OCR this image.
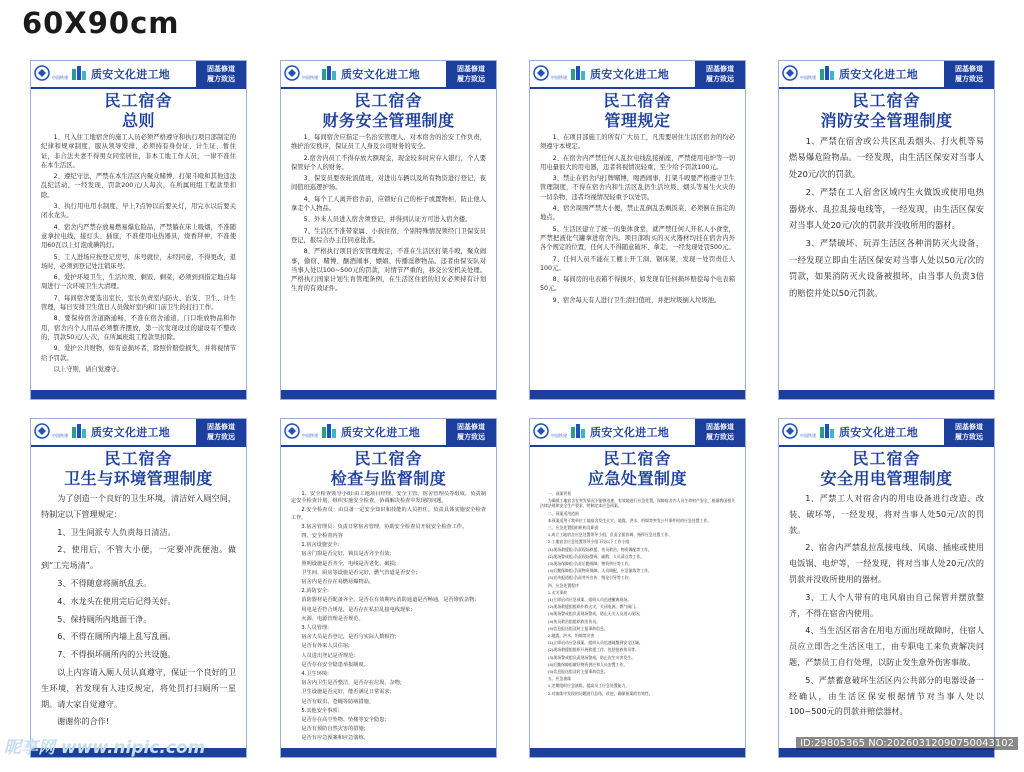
60X90cm
中国铁建 质安文化进工地	固基修道
履方致远
民工宿舍
总则

1、凡入住工地宿舍的施工人员必须严格遵守和执行项目部制定的纪律和规章制度，服从领导安排，必须持有身份证、计生证、暂住证，非合法夫妻不得男女同室居住，非本工地工作人员，一律不准住在本生活区。

2、遵纪守法，严禁在本生活区内聚众赌博、打架斗殴和其他违法乱纪活动，一经发现，罚款200元/人每次，在所属班组工程款里扣除。

3、执行用电用水制度，早上7点钟以后要关灯，用完水以后要关闭水龙头。

4、宿舍内严禁存放易燃易爆危险品，严禁躺在床上吸烟，不准随意拿拉电线，接灯头、插座，不准使用电热器具，烧香拜神，不准使用60瓦以上灯泡或碘钨灯。

5、工人进场应按登记房号，床号就位，未经同意，不得更改，退场时，必须到登记处注销床号。

6、爱护环境卫生，生活垃圾、剩饭、剩菜，必须到到指定地点每周进行一次环境卫生大清理。

7、每间宿舍要选出室长，室长负责室内防火、治安、卫生、计生管理，每日安排卫生值日人员做好室内和门前卫生的打扫工作。

8、要保持宿舍道路通畅，不准在宿舍通道，门口堆放物品和作用，宿舍内个人用品必须整齐摆放，第一次发现设过的建设有不整改的，罚款50元/人·次，在所属班组工程款里扣除。

9、爱护公共财物，如有意损坏者，除照价赔偿损失，并将视情节给予罚款。

以上守则，请自觉遵守。

中国铁建 质安文化进工地	固基修道
履方致远
民工宿舍
财务安全管理制度

1、每间宿舍应指定一名治安管理人，对本宿舍的治安工作负责，维护治安秩序，保证员工人身及公司财务的安全。

2.宿舍内员工不得存放大额现金，现金较多时应存入银行，个人要保管好个人的财务。

3、保安员要夜轮流值班，对进出车辆以及所有物资进行登记，夜间值班巡逻护场。

4、每个工人离开宿舍前，应锁好自己的柜子或置物柜，防止他人拿走个人物品。

5、外来人员进入宿舍须登记，并得到认证方可进入宿舍楼。

7、生活区不准带家属、小孩住宿，个别特殊情况须经门卫保安员登记，报综合办主任同意批准。

8、严格执行项目治安管理规定，不准在生活区打架斗殴，聚众闹事，偷窃、赌博、酗酒闹事、嫖娼、传播淫秽物品。违者由保安队对当事人处以100~500元的罚款，对情节严重的，移交公安机关处理。严格执行国家计划生育管理条例，在生活区住宿的妇女必须持有计划生育的有效证件。

中国铁建 质安文化进工地	固基修道
履方致远
民工宿舍
管理规定

1、在项目部施工的所有广大员工，凡需要居住生活区宿舍的均必须遵守本规定。

2、在宿舍内严禁任何人乱拉电线乱接插座，严禁使用电炉等一切用电量很大的用电器，违者将视情况轻重，至少给予罚款100元。

3、禁止在宿舍内打牌赌博，喝酒闹事，打架斗殴要严格遵守卫生管理制度，不得在宿舍内和生活区乱扔生活垃圾、烟头等易生火灾的一切杂物，违者均视情况轻重予以处罚。

4、宿舍周围严禁大小便，禁止乱倒乱丢剩饭菜，必须倒在指定的地点。

5、生活区建立了统一的集体食堂，就严禁任何人开私人小食堂，严禁把液化气罐拿进宿舍内。项目部购买的灭火器材均挂在宿舍内外各个规定的位置，任何人不得随意破坏、拿走，一经发现处罚500元。

7、任何人员不能在工棚上开工洞、锯床架，发现一处罚责任人100元。

8、每间房的电表箱不得损坏，如发现有任何损坏赔偿每个电表箱50元。

9、宿舍每天有人进行卫生清扫值班，并把垃圾倒入垃圾池。

中国铁建 质安文化进工地	固基修道
履方致远
民工宿舍
消防安全管理制度

1、严禁在宿舍或公共区乱丢烟头、打火机等易燃易爆危险物品。一经发现，由生活区保安对当事人处20元/次的罚款。

2、严禁在工人宿舍区域内生火做饭或使用电热器烧水、乱拉乱接电线等，一经发现，由生活区保安对当事人处20元/次的罚款并没收所用的器材。

3、严禁破坏、玩弄生活区各种消防灭火设备，一经发现立即由生活区保安对当事人处以50元/次的罚款，如果消防灭火设备被损坏，由当事人负责3倍的赔偿并处以50元罚款。

中国铁建 质安文化进工地	固基修道
履方致远
民工宿舍
卫生与环境管理制度

为了创造一个良好的卫生环境，清洁好入厕空间，特制定以下管理规定：

1、卫生间派专人负责每日清洁。

2、使用后，不管大小便，一定要冲洗便池。做到“工完场清”。

3、不得随意将厕纸乱丢。

4、水龙头在使用完后记得关好。

5、保持厕所内地面干净。

6、不得在厕所内墙上乱写乱画。

7、不得损坏厕所内的公共设施。

以上内容请入厕人员认真遵守，保证一个良好的卫生环境，若发现有人违反规定，将处罚打扫厕所一星期。请大家自觉遵守。

谢谢你的合作!

中国铁建 质安文化进工地	固基修道
履方致远
民工宿舍
检查与监督制度

1、安全检查领导小组:由工地项目经理、安全主管、宿舍管理员等组成，负责制定安全检查计划，组织实施安全检查，协调解决检查中发现的问题。

2.安全检查员：由具备一定安全知识和技能的人员担任，负责具体实施安全检查工作。

3.宿舍管理员：负责日常宿舍管理，协助安全检查员开展安全检查工作。

四、安全检查内容

1.宿舍设施安全:

宿舍门窗是否完好，锁具是否齐全有效;

照明设施是否齐全，电线是否老化、破损;

卫生间、厨房等设施是否完好，燃气管道是否安全;

宿舍内是否存在易燃易爆物品。

2.消防安全:

消防器材是否配备齐全，是否在有效期内;消防通道是否畅通，是否堆放杂物;

用电是否符合规范，是否存在私拉乱接电线现象;

火源、电源管理是否规范。

3.人员管理:

宿舍人员是否登记，是否与实际人数相符;

是否有外来人员住宿;

人员进出登记是否规范;

是否存在安全隐患举报制度。

4.卫生环境:

宿舍内卫生是否整洁，是否存在垃圾、杂物;

卫生设施是否完好，能否满足日常需求;

是否有蚊虫、苍蝇等防病措施。

5.其他安全事项:

是否存在高空坠物、坠楼等安全隐患;

是否有预防自然灾害的措施;

是否有应急预案和应急演练。

中国铁建 质安文化进工地	固基修道
履方致远
民工宿舍
应急处置制度

一、预案背景

为确保工地宿舍在突发情况下能够迅速、有效地进行应急处置，保障宿舍内人员生命财产安全，根据我国相关法律法规和安全生产要求，特制定本应急预案。

二、预案适用范围

本预案适用于我单位工地宿舍发生火灾、地震、洪水、坍塌等突发公共事件时的应急处置工作。

三、应急处置组织机构及职责

1.成立工地宿舍应急处置领导小组，负责全面协调、指挥应急处置工作。

2.工地宿舍应急处置领导小组下设以下工作小组：

(1)现场救援组:负责现场救援、伤员救治、物资调配等工作。

(2)现场警戒组:负责现场警戒、疏散、人员清点等工作。

(3)现场保障组:负责后勤保障、物资供应等工作。

(4)后勤保障组:负责物资保障、人员调配、应急演练等工作。

(5)宣传报道组:负责对外宣传、舆论引导等工作。

四、应急处置程序

1.火灾事故

(1)立即启动应急预案，组织人员迅速撤离现场。

(2)现场救援组组织扑救火灾，关闭电源、燃气阀门。

(3)现场警戒组负责现场警戒，防止无关人员进入现场。

(4)伤员救治组组织救治伤员。

(5)信息报送组及时上报事故信息。

2.地震、洪水、坍塌等灾害

(1)立即启动应急预案，组织人员迅速疏散到安全区域。

(2)现场救援组组织开展救援工作，包括抢救伤员等。

(3)现场警戒组负责现场警戒，防止次生灾害发生。

(4)后勤保障组做好物资供应和人员安置工作。

(5)信息报送组及时上报事故信息。

五、应急演练

1.定期组织应急演练，提高员工应急处置能力。

2.对演练中发现的问题进行总结，改进，确保预案的有效性。

中国铁建 质安文化进工地	固基修道
履方致远
民工宿舍
安全用电管理制度

1、严禁工人对宿舍内的用电设备进行改造、改装、破坏等，一经发现，将对当事人处50元/次的罚款。

2、宿舍内严禁乱拉乱接电线、风扇、插座或使用电饭锅、电炉等，一经发现，将对当事人处20元/次的罚款并没收所使用的器材。

3、工人个人带有的电风扇由自己保管并摆放整齐，不得在宿舍内使用。

4、当生活区宿舍在用电方面出现故障时，住宿人员应立即告之生活区电工，由专职电工来负责解决问题，严禁员工自行处理，以防止发生意外伤害事故。

5、严禁蓄意破坏生活区内公共部分的电器设备一经确认，由生活区保安根据情节对当事人处以100~500元的罚款并赔偿器材。

昵享网 www.nipic.com	ID:29805365 NO:20260312090750043102
